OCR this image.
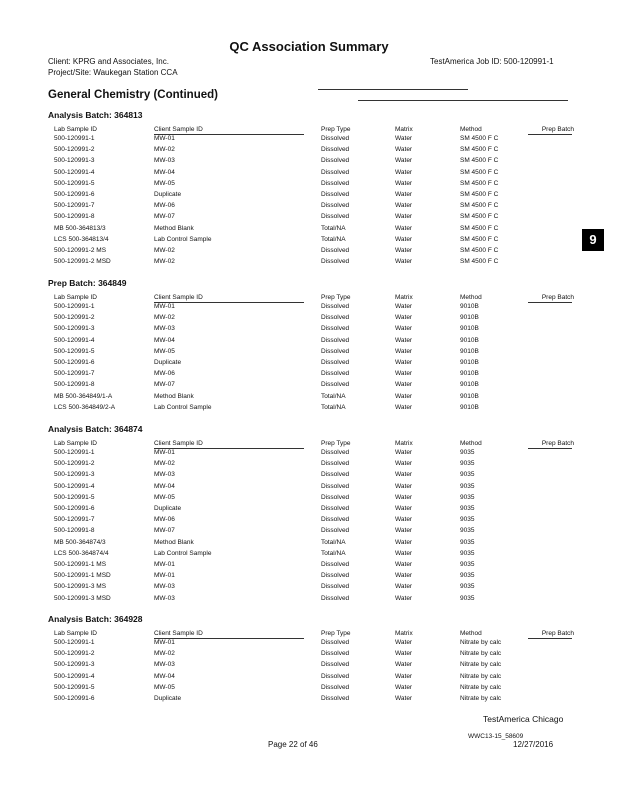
QC Association Summary
Client: KPRG and Associates, Inc.
Project/Site: Waukegan Station CCA
TestAmerica Job ID: 500-120991-1
General Chemistry (Continued)
9
Analysis Batch: 364813
Lab Sample ID	Client Sample ID	Prep Type	Matrix	Method	Prep Batch
500-120991-1	MW-01	Dissolved	Water	SM 4500 F C	
500-120991-2	MW-02	Dissolved	Water	SM 4500 F C	
500-120991-3	MW-03	Dissolved	Water	SM 4500 F C	
500-120991-4	MW-04	Dissolved	Water	SM 4500 F C	
500-120991-5	MW-05	Dissolved	Water	SM 4500 F C	
500-120991-6	Duplicate	Dissolved	Water	SM 4500 F C	
500-120991-7	MW-06	Dissolved	Water	SM 4500 F C	
500-120991-8	MW-07	Dissolved	Water	SM 4500 F C	
MB 500-364813/3	Method Blank	Total/NA	Water	SM 4500 F C	
LCS 500-364813/4	Lab Control Sample	Total/NA	Water	SM 4500 F C	
500-120991-2 MS	MW-02	Dissolved	Water	SM 4500 F C	
500-120991-2 MSD	MW-02	Dissolved	Water	SM 4500 F C	
Prep Batch: 364849
Lab Sample ID	Client Sample ID	Prep Type	Matrix	Method	Prep Batch
500-120991-1	MW-01	Dissolved	Water	9010B	
500-120991-2	MW-02	Dissolved	Water	9010B	
500-120991-3	MW-03	Dissolved	Water	9010B	
500-120991-4	MW-04	Dissolved	Water	9010B	
500-120991-5	MW-05	Dissolved	Water	9010B	
500-120991-6	Duplicate	Dissolved	Water	9010B	
500-120991-7	MW-06	Dissolved	Water	9010B	
500-120991-8	MW-07	Dissolved	Water	9010B	
MB 500-364849/1-A	Method Blank	Total/NA	Water	9010B	
LCS 500-364849/2-A	Lab Control Sample	Total/NA	Water	9010B	
Analysis Batch: 364874
Lab Sample ID	Client Sample ID	Prep Type	Matrix	Method	Prep Batch
500-120991-1	MW-01	Dissolved	Water	9035	
500-120991-2	MW-02	Dissolved	Water	9035	
500-120991-3	MW-03	Dissolved	Water	9035	
500-120991-4	MW-04	Dissolved	Water	9035	
500-120991-5	MW-05	Dissolved	Water	9035	
500-120991-6	Duplicate	Dissolved	Water	9035	
500-120991-7	MW-06	Dissolved	Water	9035	
500-120991-8	MW-07	Dissolved	Water	9035	
MB 500-364874/3	Method Blank	Total/NA	Water	9035	
LCS 500-364874/4	Lab Control Sample	Total/NA	Water	9035	
500-120991-1 MS	MW-01	Dissolved	Water	9035	
500-120991-1 MSD	MW-01	Dissolved	Water	9035	
500-120991-3 MS	MW-03	Dissolved	Water	9035	
500-120991-3 MSD	MW-03	Dissolved	Water	9035	
Analysis Batch: 364928
Lab Sample ID	Client Sample ID	Prep Type	Matrix	Method	Prep Batch
500-120991-1	MW-01	Dissolved	Water	Nitrate by calc	
500-120991-2	MW-02	Dissolved	Water	Nitrate by calc	
500-120991-3	MW-03	Dissolved	Water	Nitrate by calc	
500-120991-4	MW-04	Dissolved	Water	Nitrate by calc	
500-120991-5	MW-05	Dissolved	Water	Nitrate by calc	
500-120991-6	Duplicate	Dissolved	Water	Nitrate by calc	
TestAmerica Chicago
Page 22 of 46
WWC13-15_58609
12/27/2016
